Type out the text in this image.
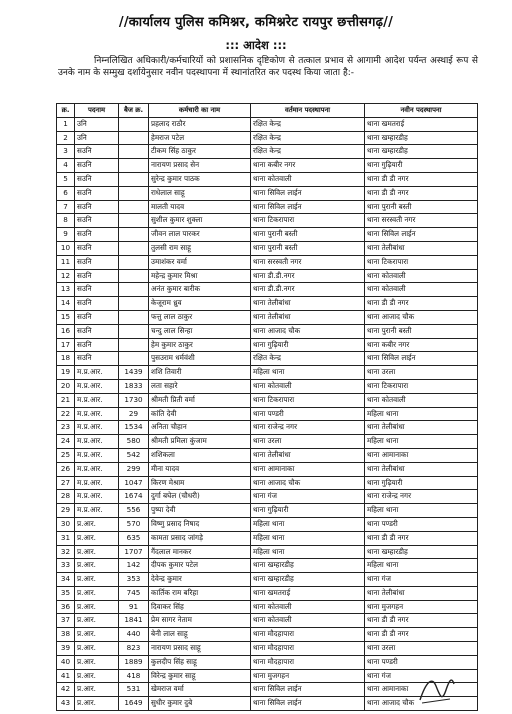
//कार्यालय पुलिस कमिश्नर, कमिश्नरेट रायपुर छत्तीसगढ़//
::: आदेश :::
निम्नलिखित अधिकारी/कर्मचारियों को प्रशासनिक दृष्टिकोण से तत्काल प्रभाव से आगामी आदेश पर्यन्त अस्थाई रूप से उनके नाम के सम्मुख दर्शायेनुसार नवीन पदस्थापना में स्थानांतरित कर पदस्थ किया जाता है:-
क्र.	पदनाम	बैज क्र.	कर्मचारी का नाम	वर्तमान पदस्थापना	नवीन पदस्थापना
1	उनि		प्रहलाद राठौर	रक्षित केन्द्र	थाना खमतराई
2	उनि		हेमराज पटेल	रक्षित केन्द्र	थाना खम्हारडीह
3	सउनि		टीकम सिंह ठाकुर	रक्षित केन्द्र	थाना खम्हारडीह
4	सउनि		नारायण प्रसाद सेन	थाना कबीर नगर	थाना गुढ़ियारी
5	सउनि		सुरेन्द्र कुमार पाठक	थाना कोतवाली	थाना डी डी नगर
6	सउनि		राधेलाल साहू	थाना सिविल लाईन	थाना डी डी नगर
7	सउनि		मालती यादव	थाना सिविल लाईन	थाना पुरानी बस्ती
8	सउनि		सुशील कुमार शुक्ला	थाना टिकरापारा	थाना सरस्वती नगर
9	सउनि		जीवन लाल पारकर	थाना पुरानी बस्ती	थाना सिविल लाईन
10	सउनि		तुलसी राम साहू	थाना पुरानी बस्ती	थाना तेलीबांधा
11	सउनि		उमाशंकर वर्मा	थाना सरस्वती नगर	थाना टिकरापारा
12	सउनि		महेन्द्र कुमार मिश्रा	थाना डी.डी.नगर	थाना कोतवाली
13	सउनि		अनंत कुमार बारीक	थाना डी.डी.नगर	थाना कोतवाली
14	सउनि		केजूराम ध्रुव	थाना तेलीबांधा	थाना डी डी नगर
15	सउनि		फत्तु लाल ठाकुर	थाना तेलीबांधा	थाना आजाद चौक
16	सउनि		चन्दु लाल सिन्हा	थाना आजाद चौक	थाना पुरानी बस्ती
17	सउनि		हेम कुमार ठाकुर	थाना गुढ़ियारी	थाना कबीर नगर
18	सउनि		पुसउराम धर्मवंशी	रक्षित केन्द्र	थाना सिविल लाईन
19	म.प्र.आर.	1439	शशि तिवारी	महिला थाना	थाना उरला
20	म.प्र.आर.	1833	लता सहारे	थाना कोतवाली	थाना टिकरापारा
21	म.प्र.आर.	1730	श्रीमती प्रिती वर्मा	थाना टिकरापारा	थाना कोतवाली
22	म.प्र.आर.	29	कांति देवी	थाना पण्डरी	महिला थाना
23	म.प्र.आर.	1534	अनिता चौहान	थाना राजेन्द्र नगर	थाना तेलीबांधा
24	म.प्र.आर.	580	श्रीमती प्रमिला कुंजाम	थाना उरला	महिला थाना
25	म.प्र.आर.	542	शशिकला	थाना तेलीबांधा	थाना आमानाका
26	म.प्र.आर.	299	मीना यादव	थाना आमानाका	थाना तेलीबांधा
27	म.प्र.आर.	1047	किरण मेश्राम	थाना आजाद चौक	थाना गुढ़ियारी
28	म.प्र.आर.	1674	दुर्गा बघेल (चौधरी)	थाना गंज	थाना राजेन्द्र नगर
29	म.प्र.आर.	556	पुष्पा देवी	थाना गुढ़ियारी	महिला थाना
30	प्र.आर.	570	विष्णु प्रसाद निषाद	महिला थाना	थाना पण्डरी
31	प्र.आर.	635	कामता प्रसाद जांगड़े	महिला थाना	थाना डी डी नगर
32	प्र.आर.	1707	गैंदलाल मानकर	महिला थाना	थाना खम्हारडीह
33	प्र.आर.	142	दीपक कुमार पटेल	थाना खम्हारडीह	महिला थाना
34	प्र.आर.	353	देवेन्द्र कुमार	थाना खम्हारडीह	थाना गंज
35	प्र.आर.	745	कार्तिक राम बरिहा	थाना खमतराई	थाना तेलीबांधा
36	प्र.आर.	91	दिवाकर सिंह	थाना कोतवाली	थाना मुजगहन
37	प्र.आर.	1841	प्रेम सागर नेताम	थाना कोतवाली	थाना डी डी नगर
38	प्र.आर.	440	बेनी लाल साहू	थाना मौदहापारा	थाना डी डी नगर
39	प्र.आर.	823	नारायण प्रसाद साहू	थाना मौदहापारा	थाना उरला
40	प्र.आर.	1889	कुलदीप सिंह साहू	थाना मौदहापारा	थाना पण्डरी
41	प्र.आर.	418	विरेन्द्र कुमार साहू	थाना मुजगहन	थाना गंज
42	प्र.आर.	531	खेमराज वर्मा	थाना सिविल लाईन	थाना आमानाका
43	प्र.आर.	1649	सुधीर कुमार दुबे	थाना सिविल लाईन	थाना आजाद चौक
